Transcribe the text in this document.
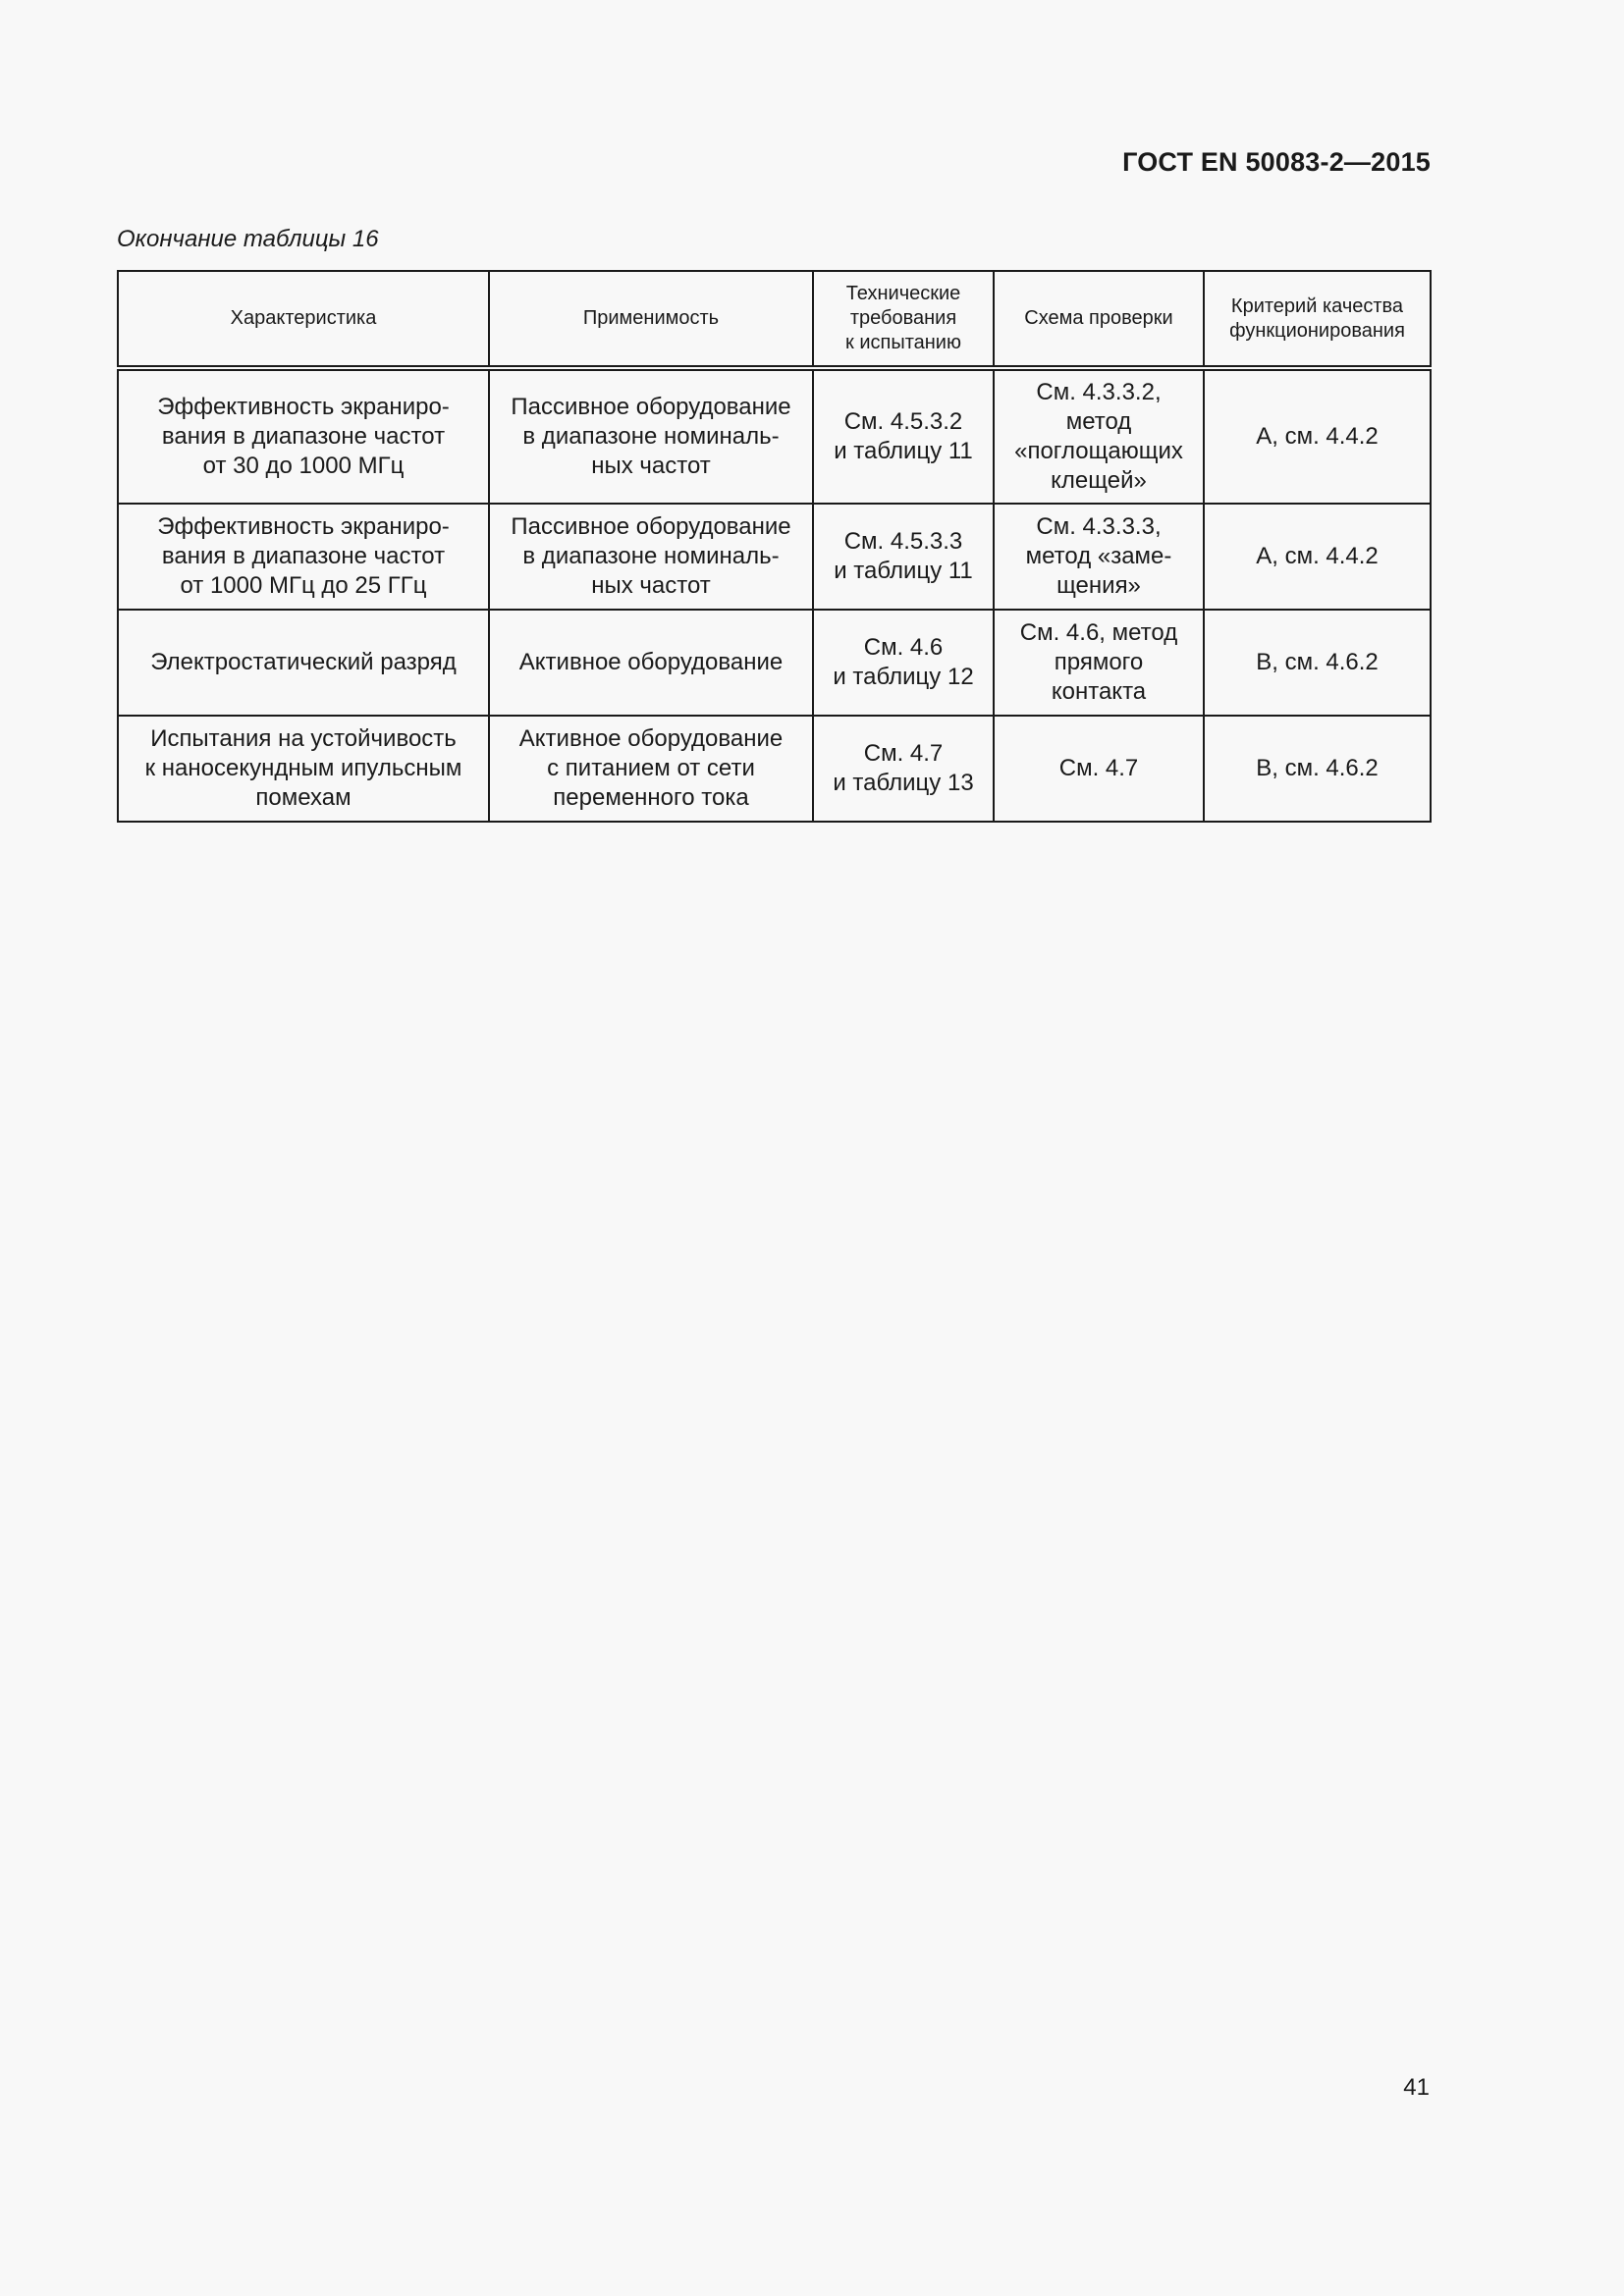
ГОСТ EN 50083-2—2015
Окончание таблицы 16
Характеристика	Применимость	Технические
требования
к испытанию	Схема проверки	Критерий качества
функционирования
Эффективность экраниро-
вания в диапазоне частот
от 30 до 1000 МГц	Пассивное оборудование
в диапазоне номиналь-
ных частот	См. 4.5.3.2
и таблицу 11	См. 4.3.3.2,
метод
«поглощающих
клещей»	А, см. 4.4.2
Эффективность экраниро-
вания в диапазоне частот
от 1000 МГц до 25 ГГц	Пассивное оборудование
в диапазоне номиналь-
ных частот	См. 4.5.3.3
и таблицу 11	См. 4.3.3.3,
метод «заме-
щения»	А, см. 4.4.2
Электростатический разряд	Активное оборудование	См. 4.6
и таблицу 12	См. 4.6, метод
прямого
контакта	В, см. 4.6.2
Испытания на устойчивость
к наносекундным ипульсным
помехам	Активное оборудование
с питанием от сети
переменного тока	См. 4.7
и таблицу 13	См. 4.7	В, см. 4.6.2
41
